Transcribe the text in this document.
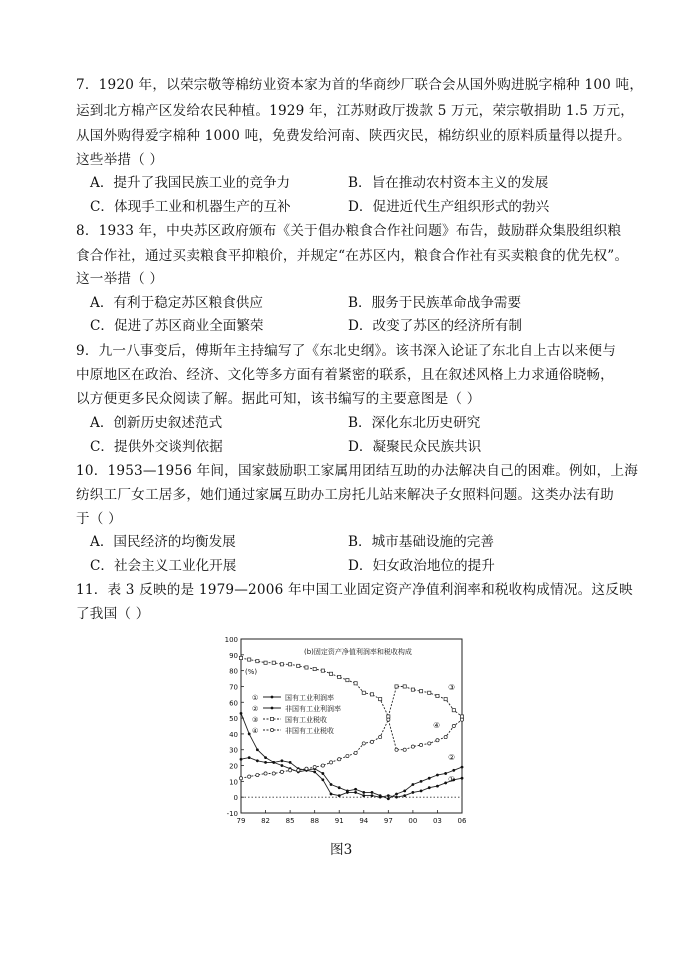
7．1920 年，以荣宗敬等棉纺业资本家为首的华商纱厂联合会从国外购进脱字棉种 100 吨，
运到北方棉产区发给农民种植。1929 年，江苏财政厅拨款 5 万元，荣宗敬捐助 1.5 万元，
从国外购得爱字棉种 1000 吨，免费发给河南、陕西灾民，棉纺织业的原料质量得以提升。
这些举措（ ）
A．提升了我国民族工业的竞争力	B．旨在推动农村资本主义的发展
C．体现手工业和机器生产的互补	D．促进近代生产组织形式的勃兴
8．1933 年，中央苏区政府颁布《关于倡办粮食合作社问题》布告，鼓励群众集股组织粮
食合作社，通过买卖粮食平抑粮价，并规定“在苏区内，粮食合作社有买卖粮食的优先权”。
这一举措（ ）
A．有利于稳定苏区粮食供应	B．服务于民族革命战争需要
C．促进了苏区商业全面繁荣	D．改变了苏区的经济所有制
9．九一八事变后，傅斯年主持编写了《东北史纲》。该书深入论证了东北自上古以来便与
中原地区在政治、经济、文化等多方面有着紧密的联系，且在叙述风格上力求通俗晓畅，
以方便更多民众阅读了解。据此可知，该书编写的主要意图是（ ）
A．创新历史叙述范式	B．深化东北历史研究
C．提供外交谈判依据	D．凝聚民众民族共识
10．1953—1956 年间，国家鼓励职工家属用团结互助的办法解决自己的困难。例如，上海
纺织工厂女工居多，她们通过家属互助办工房托儿站来解决子女照料问题。这类办法有助
于（ ）
A．国民经济的均衡发展	B．城市基础设施的完善
C．社会主义工业化开展	D．妇女政治地位的提升
11．表 3 反映的是 1979—2006 年中国工业固定资产净值利润率和税收构成情况。这反映
了我国（ ）
100
90
80
70
60
50
40
30
20
10
0
-10
79 82 85 88 91 94 97 00 03 06
(b)固定资产净值利润率和税收构成
(%)
①	国有工业利润率
②	非国有工业利润率
③	国有工业税收
④	非国有工业税收
③
④
②
①
图3
